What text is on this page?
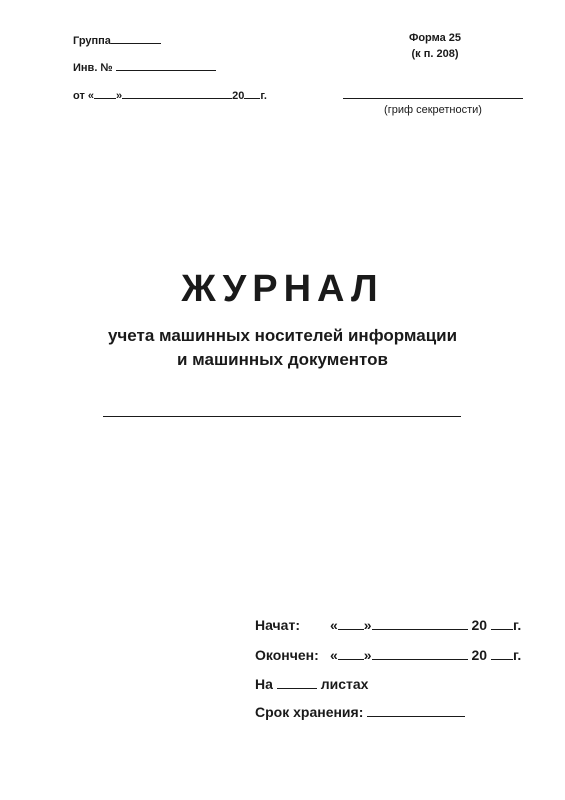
Группа
Инв. №
от « »	20 г.
Форма 25
(к п. 208)
(гриф секретности)
ЖУРНАЛ
учета машинных носителей информации
и машинных документов
Начат: « »	20 г.
Окончен: « »	20 г.
На	листах
Срок хранения:
